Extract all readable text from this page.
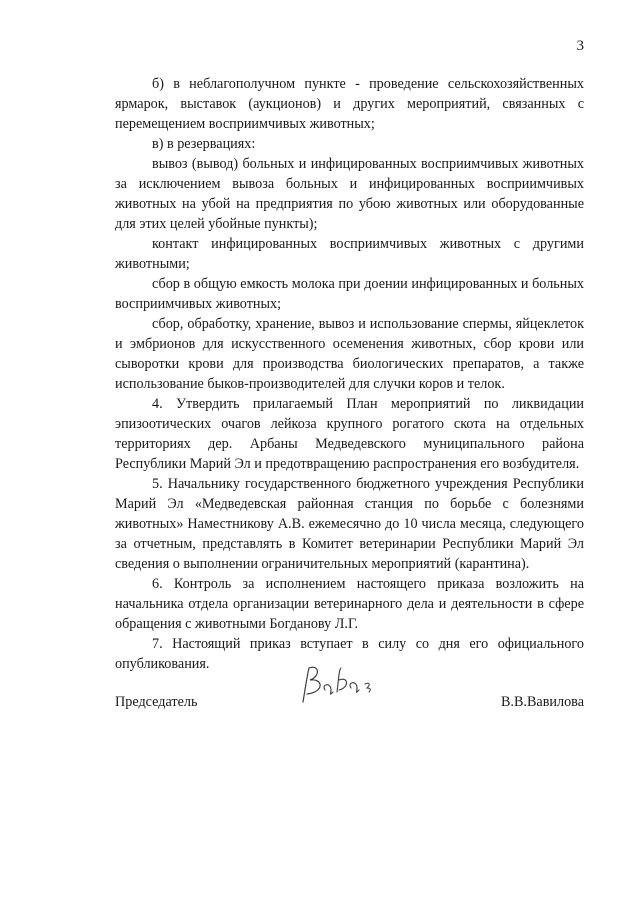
3

б) в неблагополучном пункте - проведение сельскохозяйственных ярмарок, выставок (аукционов) и других мероприятий, связанных с перемещением восприимчивых животных;

в) в резервациях:

вывоз (вывод) больных и инфицированных восприимчивых животных за исключением вывоза больных и инфицированных восприимчивых животных на убой на предприятия по убою животных или оборудованные для этих целей убойные пункты);

контакт инфицированных восприимчивых животных с другими животными;

сбор в общую емкость молока при доении инфицированных и больных восприимчивых животных;

сбор, обработку, хранение, вывоз и использование спермы, яйцеклеток и эмбрионов для искусственного осеменения животных, сбор крови или сыворотки крови для производства биологических препаратов, а также использование быков-производителей для случки коров и телок.

4. Утвердить прилагаемый План мероприятий по ликвидации эпизоотических очагов лейкоза крупного рогатого скота на отдельных территориях дер. Арбаны Медведевского муниципального района Республики Марий Эл и предотвращению распространения его возбудителя.

5. Начальнику государственного бюджетного учреждения Республики Марий Эл «Медведевская районная станция по борьбе с болезнями животных» Наместникову А.В. ежемесячно до 10 числа месяца, следующего за отчетным, представлять в Комитет ветеринарии Республики Марий Эл сведения о выполнении ограничительных мероприятий (карантина).

6. Контроль за исполнением настоящего приказа возложить на начальника отдела организации ветеринарного дела и деятельности в сфере обращения с животными Богданову Л.Г.

7. Настоящий приказ вступает в силу со дня его официального опубликования.

Председатель	В.В.Вавилова
